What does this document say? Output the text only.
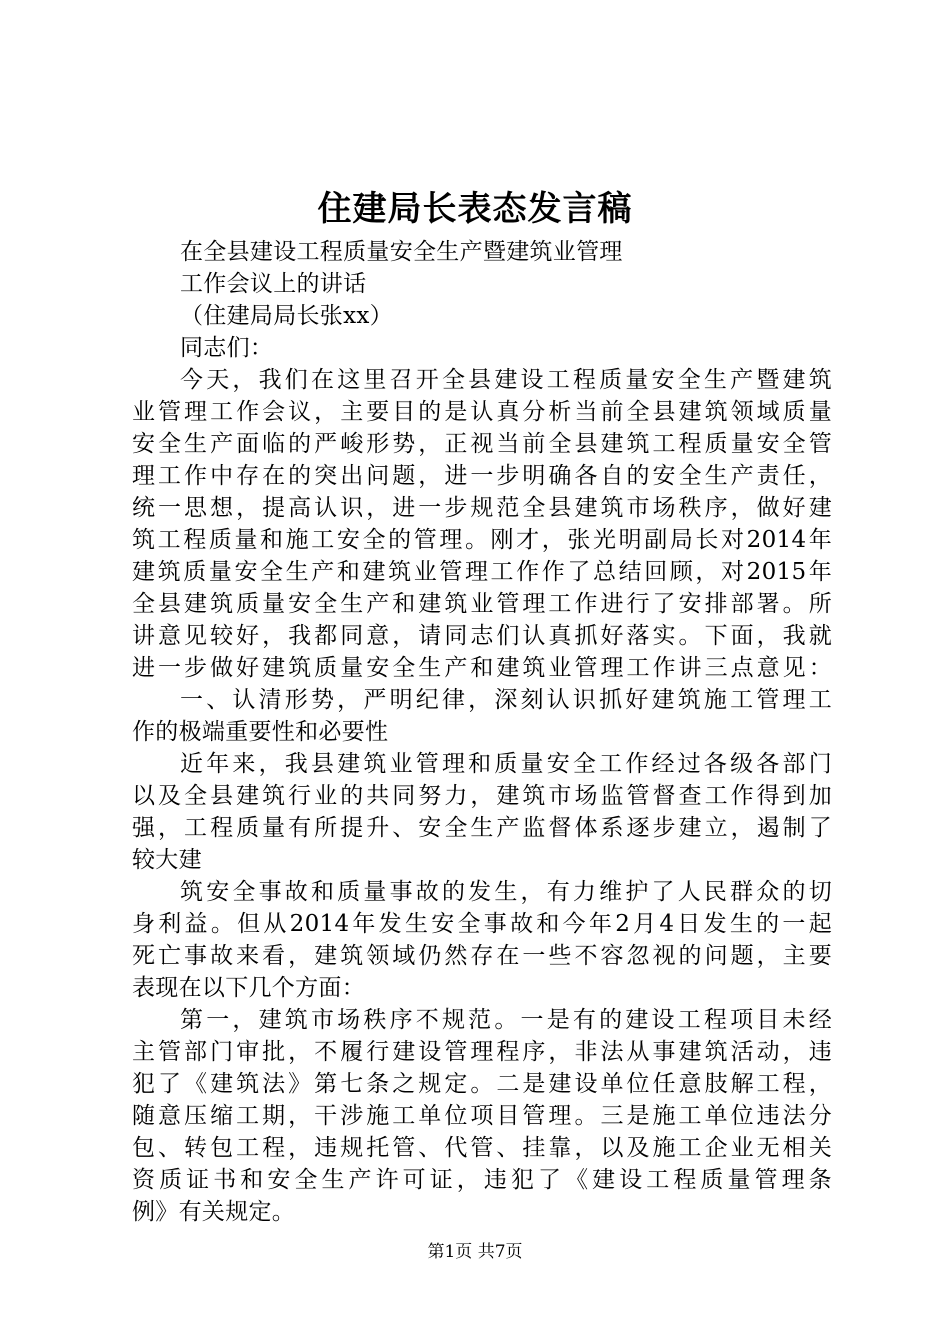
住建局长表态发言稿
在全县建设工程质量安全生产暨建筑业管理
工作会议上的讲话
（住建局局长张xx）
同志们：
今天，我们在这里召开全县建设工程质量安全生产暨建筑
业管理工作会议，主要目的是认真分析当前全县建筑领域质量
安全生产面临的严峻形势，正视当前全县建筑工程质量安全管
理工作中存在的突出问题，进一步明确各自的安全生产责任，
统一思想，提高认识，进一步规范全县建筑市场秩序，做好建
筑工程质量和施工安全的管理。刚才，张光明副局长对2014年
建筑质量安全生产和建筑业管理工作作了总结回顾，对2015年
全县建筑质量安全生产和建筑业管理工作进行了安排部署。所
讲意见较好，我都同意，请同志们认真抓好落实。下面，我就
进一步做好建筑质量安全生产和建筑业管理工作讲三点意见：
一、认清形势，严明纪律，深刻认识抓好建筑施工管理工
作的极端重要性和必要性
近年来，我县建筑业管理和质量安全工作经过各级各部门
以及全县建筑行业的共同努力，建筑市场监管督查工作得到加
强，工程质量有所提升、安全生产监督体系逐步建立，遏制了
较大建
筑安全事故和质量事故的发生，有力维护了人民群众的切
身利益。但从2014年发生安全事故和今年2月4日发生的一起
死亡事故来看，建筑领域仍然存在一些不容忽视的问题，主要
表现在以下几个方面：
第一，建筑市场秩序不规范。一是有的建设工程项目未经
主管部门审批，不履行建设管理程序，非法从事建筑活动，违
犯了《建筑法》第七条之规定。二是建设单位任意肢解工程，
随意压缩工期，干涉施工单位项目管理。三是施工单位违法分
包、转包工程，违规托管、代管、挂靠，以及施工企业无相关
资质证书和安全生产许可证，违犯了《建设工程质量管理条
例》有关规定。
第1页 共7页
